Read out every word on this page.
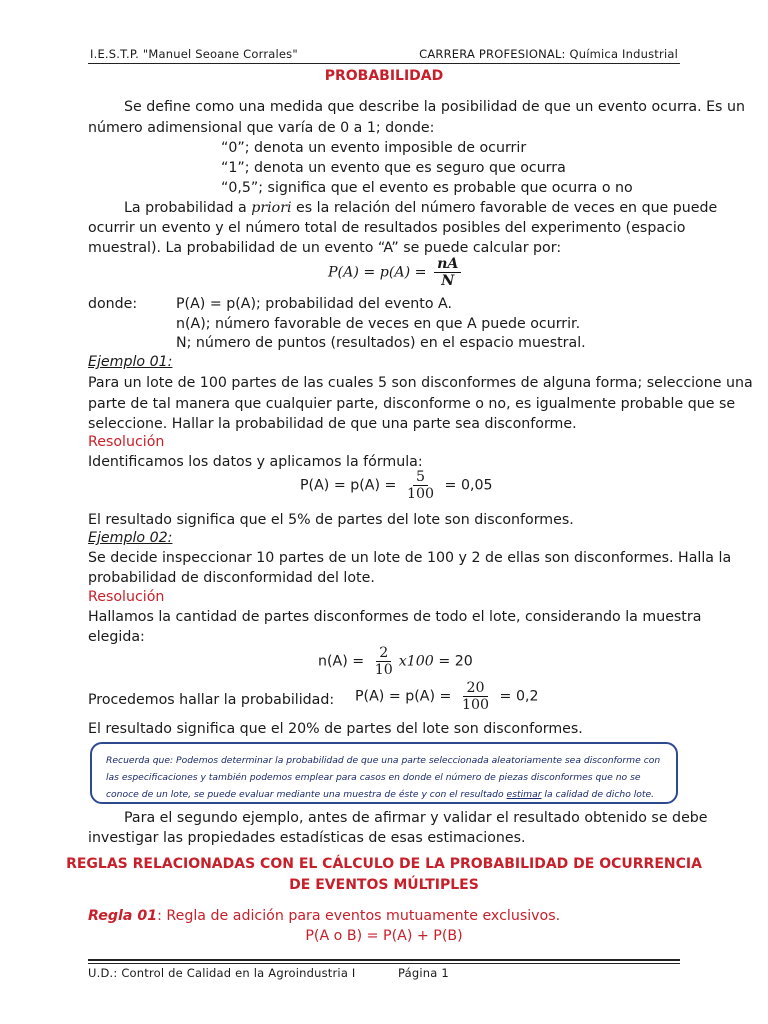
I.E.S.T.P. "Manuel Seoane Corrales"	CARRERA PROFESIONAL: Química Industrial
PROBABILIDAD
Se define como una medida que describe la posibilidad de que un evento ocurra. Es un
número adimensional que varía de 0 a 1; donde:
“0”; denota un evento imposible de ocurrir
“1”; denota un evento que es seguro que ocurra
“0,5”; significa que el evento es probable que ocurra o no
La probabilidad a priori es la relación del número favorable de veces en que puede
ocurrir un evento y el número total de resultados posibles del experimento (espacio
muestral). La probabilidad de un evento “A” se puede calcular por:
$P(A) = p(A) = \frac{nA}{N}$
donde:	P(A) = p(A); probabilidad del evento A.
n(A); número favorable de veces en que A puede ocurrir.
N; número de puntos (resultados) en el espacio muestral.
Ejemplo 01:
Para un lote de 100 partes de las cuales 5 son disconformes de alguna forma; seleccione una
parte de tal manera que cualquier parte, disconforme o no, es igualmente probable que se
seleccione. Hallar la probabilidad de que una parte sea disconforme.
Resolución
Identificamos los datos y aplicamos la fórmula:
$P(A) = p(A) = \frac{5}{100} = 0,05$
El resultado significa que el 5% de partes del lote son disconformes.
Ejemplo 02:
Se decide inspeccionar 10 partes de un lote de 100 y 2 de ellas son disconformes. Halla la
probabilidad de disconformidad del lote.
Resolución
Hallamos la cantidad de partes disconformes de todo el lote, considerando la muestra
elegida:
$n(A) = \frac{2}{10} x100 = 20$
Procedemos hallar la probabilidad: $P(A) = p(A) = \frac{20}{100} = 0,2$
El resultado significa que el 20% de partes del lote son disconformes.
Recuerda que: Podemos determinar la probabilidad de que una parte seleccionada aleatoriamente sea disconforme con las especificaciones y también podemos emplear para casos en donde el número de piezas disconformes que no se conoce de un lote, se puede evaluar mediante una muestra de éste y con el resultado estimar la calidad de dicho lote.
Para el segundo ejemplo, antes de afirmar y validar el resultado obtenido se debe
investigar las propiedades estadísticas de esas estimaciones.
REGLAS RELACIONADAS CON EL CÁLCULO DE LA PROBABILIDAD DE OCURRENCIA
DE EVENTOS MÚLTIPLES
Regla 01: Regla de adición para eventos mutuamente exclusivos.
P(A o B) = P(A) + P(B)
U.D.: Control de Calidad en la Agroindustria I	Página 1
